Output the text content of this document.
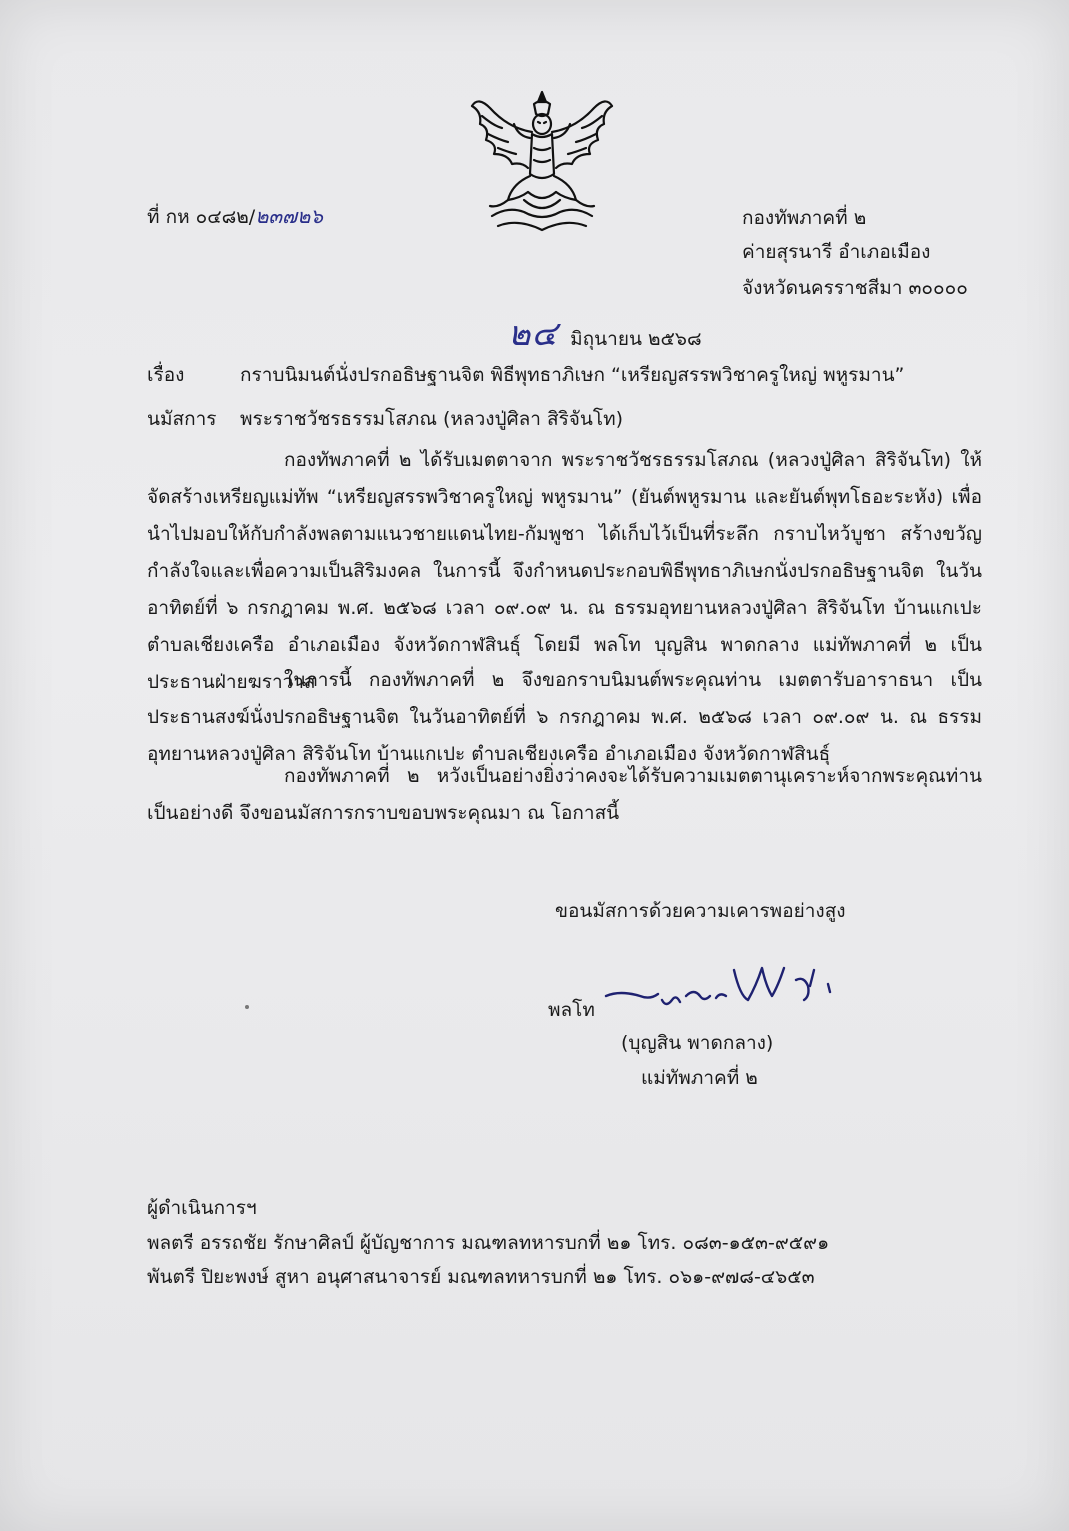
ที่ กห ๐๔๘๒/๒๓๗๒๖	กองทัพภาคที่ ๒
ค่ายสุรนารี อำเภอเมือง
จังหวัดนครราชสีมา ๓๐๐๐๐
๒๔ มิถุนายน ๒๕๖๘
เรื่อง	กราบนิมนต์นั่งปรกอธิษฐานจิต พิธีพุทธาภิเษก “เหรียญสรรพวิชาครูใหญ่ พหูรมาน”
นมัสการ พระราชวัชรธรรมโสภณ (หลวงปู่ศิลา สิริจันโท)
กองทัพภาคที่ ๒ ได้รับเมตตาจาก พระราชวัชรธรรมโสภณ (หลวงปู่ศิลา สิริจันโท) ให้จัดสร้างเหรียญแม่ทัพ “เหรียญสรรพวิชาครูใหญ่ พหูรมาน” (ยันต์พหูรมาน และยันต์พุทโธอะระหัง) เพื่อนำไปมอบให้กับกำลังพลตามแนวชายแดนไทย-กัมพูชา ได้เก็บไว้เป็นที่ระลึก กราบไหว้บูชา สร้างขวัญกำลังใจและเพื่อความเป็นสิริมงคล ในการนี้ จึงกำหนดประกอบพิธีพุทธาภิเษกนั่งปรกอธิษฐานจิต ในวันอาทิตย์ที่ ๖ กรกฎาคม พ.ศ. ๒๕๖๘ เวลา ๐๙.๐๙ น. ณ ธรรมอุทยานหลวงปู่ศิลา สิริจันโท บ้านแกเปะ ตำบลเชียงเครือ อำเภอเมือง จังหวัดกาฬสินธุ์ โดยมี พลโท บุญสิน พาดกลาง แม่ทัพภาคที่ ๒ เป็นประธานฝ่ายฆราวาส
ในการนี้ กองทัพภาคที่ ๒ จึงขอกราบนิมนต์พระคุณท่าน เมตตารับอาราธนา เป็นประธานสงฆ์นั่งปรกอธิษฐานจิต ในวันอาทิตย์ที่ ๖ กรกฎาคม พ.ศ. ๒๕๖๘ เวลา ๐๙.๐๙ น. ณ ธรรมอุทยานหลวงปู่ศิลา สิริจันโท บ้านแกเปะ ตำบลเชียงเครือ อำเภอเมือง จังหวัดกาฬสินธุ์
กองทัพภาคที่ ๒ หวังเป็นอย่างยิ่งว่าคงจะได้รับความเมตตานุเคราะห์จากพระคุณท่านเป็นอย่างดี จึงขอนมัสการกราบขอบพระคุณมา ณ โอกาสนี้
ขอนมัสการด้วยความเคารพอย่างสูง
พลโท
(บุญสิน พาดกลาง)
แม่ทัพภาคที่ ๒
ผู้ดำเนินการฯ
พลตรี อรรถชัย รักษาศิลป์ ผู้บัญชาการ มณฑลทหารบกที่ ๒๑ โทร. ๐๘๓-๑๕๓-๙๕๙๑
พันตรี ปิยะพงษ์ สูหา อนุศาสนาจารย์ มณฑลทหารบกที่ ๒๑ โทร. ๐๖๑-๙๗๘-๔๖๕๓
